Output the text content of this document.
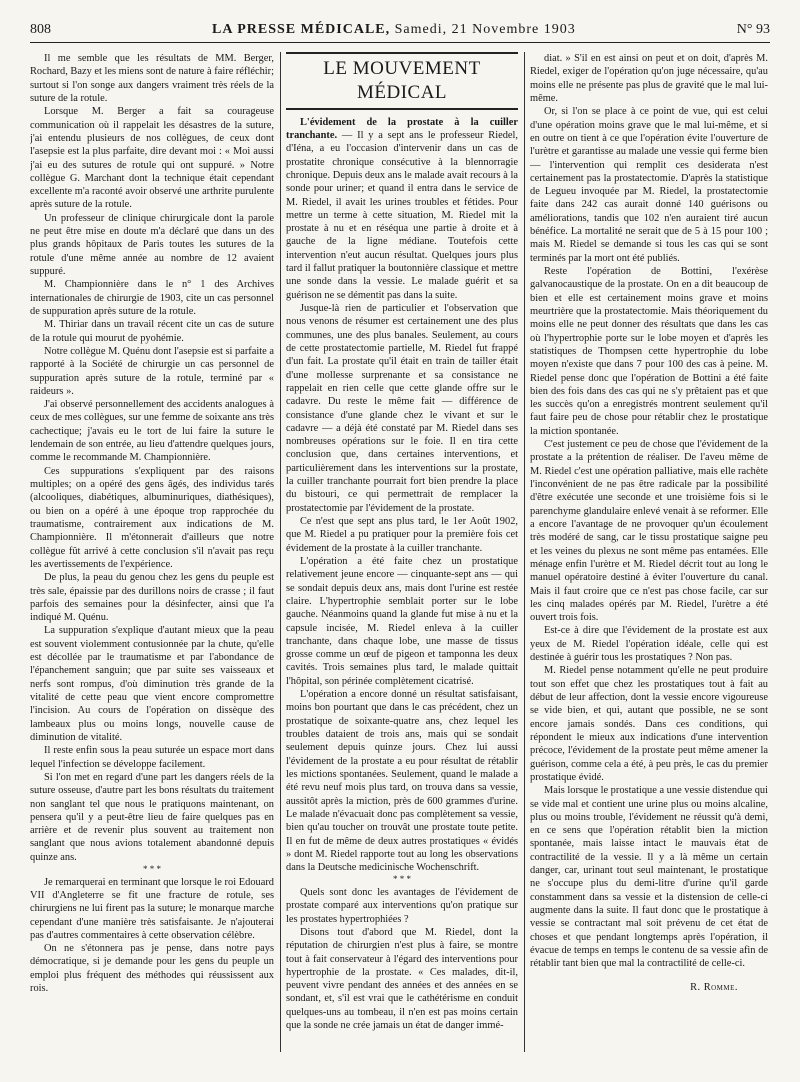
808	LA PRESSE MÉDICALE, Samedi, 21 Novembre 1903	N° 93

Il me semble que les résultats de MM. Berger, Rochard, Bazy et les miens sont de nature à faire réfléchir; surtout si l'on songe aux dangers vraiment très réels de la suture de la rotule.

Lorsque M. Berger a fait sa courageuse communication où il rappelait les désastres de la suture, j'ai entendu plusieurs de nos collègues, de ceux dont l'asepsie est la plus parfaite, dire devant moi : « Moi aussi j'ai eu des sutures de rotule qui ont suppuré. » Notre collègue G. Marchant dont la technique était cependant excellente m'a raconté avoir observé une arthrite purulente après suture de la rotule.

Un professeur de clinique chirurgicale dont la parole ne peut être mise en doute m'a déclaré que dans un des plus grands hôpitaux de Paris toutes les sutures de la rotule d'une même année au nombre de 12 avaient suppuré.

M. Championnière dans le n° 1 des Archives internationales de chirurgie de 1903, cite un cas personnel de suppuration après suture de la rotule.

M. Thiriar dans un travail récent cite un cas de suture de la rotule qui mourut de pyohémie.

Notre collègue M. Quénu dont l'asepsie est si parfaite a rapporté à la Société de chirurgie un cas personnel de suppuration après suture de la rotule, terminé par « raideurs ».

J'ai observé personnellement des accidents analogues à ceux de mes collègues, sur une femme de soixante ans très cachectique; j'avais eu le tort de lui faire la suture le lendemain de son entrée, au lieu d'attendre quelques jours, comme le recommande M. Championnière.

Ces suppurations s'expliquent par des raisons multiples; on a opéré des gens âgés, des individus tarés (alcooliques, diabétiques, albuminuriques, diathésiques), ou bien on a opéré à une époque trop rapprochée du traumatisme, contrairement aux indications de M. Championnière. Il m'étonnerait d'ailleurs que notre collègue fût arrivé à cette conclusion s'il n'avait pas reçu les avertissements de l'expérience.

De plus, la peau du genou chez les gens du peuple est très sale, épaissie par des durillons noirs de crasse ; il faut parfois des semaines pour la désinfecter, ainsi que l'a indiqué M. Quénu.

La suppuration s'explique d'autant mieux que la peau est souvent violemment contusionnée par la chute, qu'elle est décollée par le traumatisme et par l'abondance de l'épanchement sanguin; que par suite ses vaisseaux et nerfs sont rompus, d'où diminution très grande de la vitalité de cette peau que vient encore compromettre l'incision. Au cours de l'opération on dissèque des lambeaux plus ou moins longs, nouvelle cause de diminution de vitalité.

Il reste enfin sous la peau suturée un espace mort dans lequel l'infection se développe facilement.

Si l'on met en regard d'une part les dangers réels de la suture osseuse, d'autre part les bons résultats du traitement non sanglant tel que nous le pratiquons maintenant, on pensera qu'il y a peut-être lieu de faire quelques pas en arrière et de revenir plus souvent au traitement non sanglant que nous avions totalement abandonné depuis quinze ans.

* * *

Je remarquerai en terminant que lorsque le roi Edouard VII d'Angleterre se fit une fracture de rotule, ses chirurgiens ne lui firent pas la suture; le monarque marche cependant d'une manière très satisfaisante. Je n'ajouterai pas d'autres commentaires à cette observation célèbre.

On ne s'étonnera pas je pense, dans notre pays démocratique, si je demande pour les gens du peuple un emploi plus fréquent des méthodes qui réussissent aux rois.

LE MOUVEMENT MÉDICAL

L'évidement de la prostate à la cuiller tranchante. — Il y a sept ans le professeur Riedel, d'Iéna, a eu l'occasion d'intervenir dans un cas de prostatite chronique consécutive à la blennorragie chronique. Depuis deux ans le malade avait recours à la sonde pour uriner; et quand il entra dans le service de M. Riedel, il avait les urines troubles et fétides. Pour mettre un terme à cette situation, M. Riedel mit la prostate à nu et en réséqua une partie à droite et à gauche de la ligne médiane. Toutefois cette intervention n'eut aucun résultat. Quelques jours plus tard il fallut pratiquer la boutonnière classique et mettre une sonde dans la vessie. Le malade guérit et sa guérison ne se démentit pas dans la suite.

Jusque-là rien de particulier et l'observation que nous venons de résumer est certainement une des plus communes, une des plus banales. Seulement, au cours de cette prostatectomie partielle, M. Riedel fut frappé d'un fait. La prostate qu'il était en train de tailler était d'une mollesse surprenante et sa consistance ne rappelait en rien celle que cette glande offre sur le cadavre. Du reste le même fait — différence de consistance d'une glande chez le vivant et sur le cadavre — a déjà été constaté par M. Riedel dans ses nombreuses opérations sur le foie. Il en tira cette conclusion que, dans certaines interventions, et particulièrement dans les interventions sur la prostate, la cuiller tranchante pourrait fort bien prendre la place du bistouri, ce qui permettrait de remplacer la prostatectomie par l'évidement de la prostate.

Ce n'est que sept ans plus tard, le 1er Août 1902, que M. Riedel a pu pratiquer pour la première fois cet évidement de la prostate à la cuiller tranchante.

L'opération a été faite chez un prostatique relativement jeune encore — cinquante-sept ans — qui se sondait depuis deux ans, mais dont l'urine est restée claire. L'hypertrophie semblait porter sur le lobe gauche. Néanmoins quand la glande fut mise à nu et la capsule incisée, M. Riedel enleva à la cuiller tranchante, dans chaque lobe, une masse de tissus grosse comme un œuf de pigeon et tamponna les deux cavités. Trois semaines plus tard, le malade quittait l'hôpital, son périnée complètement cicatrisé.

L'opération a encore donné un résultat satisfaisant, moins bon pourtant que dans le cas précédent, chez un prostatique de soixante-quatre ans, chez lequel les troubles dataient de trois ans, mais qui se sondait seulement depuis quinze jours. Chez lui aussi l'évidement de la prostate a eu pour résultat de rétablir les mictions spontanées. Seulement, quand le malade a été revu neuf mois plus tard, on trouva dans sa vessie, aussitôt après la miction, près de 600 grammes d'urine. Le malade n'évacuait donc pas complètement sa vessie, bien qu'au toucher on trouvât une prostate toute petite. Il en fut de même de deux autres prostatiques « évidés » dont M. Riedel rapporte tout au long les observations dans la Deutsche medicinische Wochenschrift.

* * *

Quels sont donc les avantages de l'évidement de prostate comparé aux interventions qu'on pratique sur les prostates hypertrophiées ?

Disons tout d'abord que M. Riedel, dont la réputation de chirurgien n'est plus à faire, se montre tout à fait conservateur à l'égard des interventions pour hypertrophie de la prostate. « Ces malades, dit-il, peuvent vivre pendant des années et des années en se sondant, et, s'il est vrai que le cathétérisme en conduit quelques-uns au tombeau, il n'en est pas moins certain que la sonde ne crée jamais un état de danger immé-

diat. » S'il en est ainsi on peut et on doit, d'après M. Riedel, exiger de l'opération qu'on juge nécessaire, qu'au moins elle ne présente pas plus de gravité que le mal lui-même.

Or, si l'on se place à ce point de vue, qui est celui d'une opération moins grave que le mal lui-même, et si en outre on tient à ce que l'opération évite l'ouverture de l'urètre et garantisse au malade une vessie qui ferme bien — l'intervention qui remplit ces desiderata n'est certainement pas la prostatectomie. D'après la statistique de Legueu invoquée par M. Riedel, la prostatectomie faite dans 242 cas aurait donné 140 guérisons ou améliorations, tandis que 102 n'en auraient tiré aucun bénéfice. La mortalité ne serait que de 5 à 15 pour 100 ; mais M. Riedel se demande si tous les cas qui se sont terminés par la mort ont été publiés.

Reste l'opération de Bottini, l'exérèse galvanocaustique de la prostate. On en a dit beaucoup de bien et elle est certainement moins grave et moins meurtrière que la prostatectomie. Mais théoriquement du moins elle ne peut donner des résultats que dans les cas où l'hypertrophie porte sur le lobe moyen et d'après les statistiques de Thompsen cette hypertrophie du lobe moyen n'existe que dans 7 pour 100 des cas à peine. M. Riedel pense donc que l'opération de Bottini a été faite bien des fois dans des cas qui ne s'y prêtaient pas et que les succès qu'on a enregistrés montrent seulement qu'il faut faire peu de chose pour rétablir chez le prostatique la miction spontanée.

C'est justement ce peu de chose que l'évidement de la prostate a la prétention de réaliser. De l'aveu même de M. Riedel c'est une opération palliative, mais elle rachète l'inconvénient de ne pas être radicale par la possibilité d'être exécutée une seconde et une troisième fois si le parenchyme glandulaire enlevé venait à se reformer. Elle a encore l'avantage de ne provoquer qu'un écoulement très modéré de sang, car le tissu prostatique saigne peu et les veines du plexus ne sont même pas entamées. Elle ménage enfin l'urètre et M. Riedel décrit tout au long le manuel opératoire destiné à éviter l'ouverture du canal. Mais il faut croire que ce n'est pas chose facile, car sur les cinq malades opérés par M. Riedel, l'urètre a été ouvert trois fois.

Est-ce à dire que l'évidement de la prostate est aux yeux de M. Riedel l'opération idéale, celle qui est destinée à guérir tous les prostatiques ? Non pas.

M. Riedel pense notamment qu'elle ne peut produire tout son effet que chez les prostatiques tout à fait au début de leur affection, dont la vessie encore vigoureuse se vide bien, et qui, autant que possible, ne se sont encore jamais sondés. Dans ces conditions, qui répondent le mieux aux indications d'une intervention précoce, l'évidement de la prostate peut même amener la guérison, comme cela a été, à peu près, le cas du premier prostatique évidé.

Mais lorsque le prostatique a une vessie distendue qui se vide mal et contient une urine plus ou moins alcaline, plus ou moins trouble, l'évidement ne réussit qu'à demi, en ce sens que l'opération rétablit bien la miction spontanée, mais laisse intact le mauvais état de contractilité de la vessie. Il y a là même un certain danger, car, urinant tout seul maintenant, le prostatique ne s'occupe plus du demi-litre d'urine qu'il garde constamment dans sa vessie et la distension de celle-ci augmente dans la suite. Il faut donc que le prostatique à vessie se contractant mal soit prévenu de cet état de choses et que pendant longtemps après l'opération, il évacue de temps en temps le contenu de sa vessie afin de rétablir tant bien que mal la contractilité de celle-ci.

R. Romme.
